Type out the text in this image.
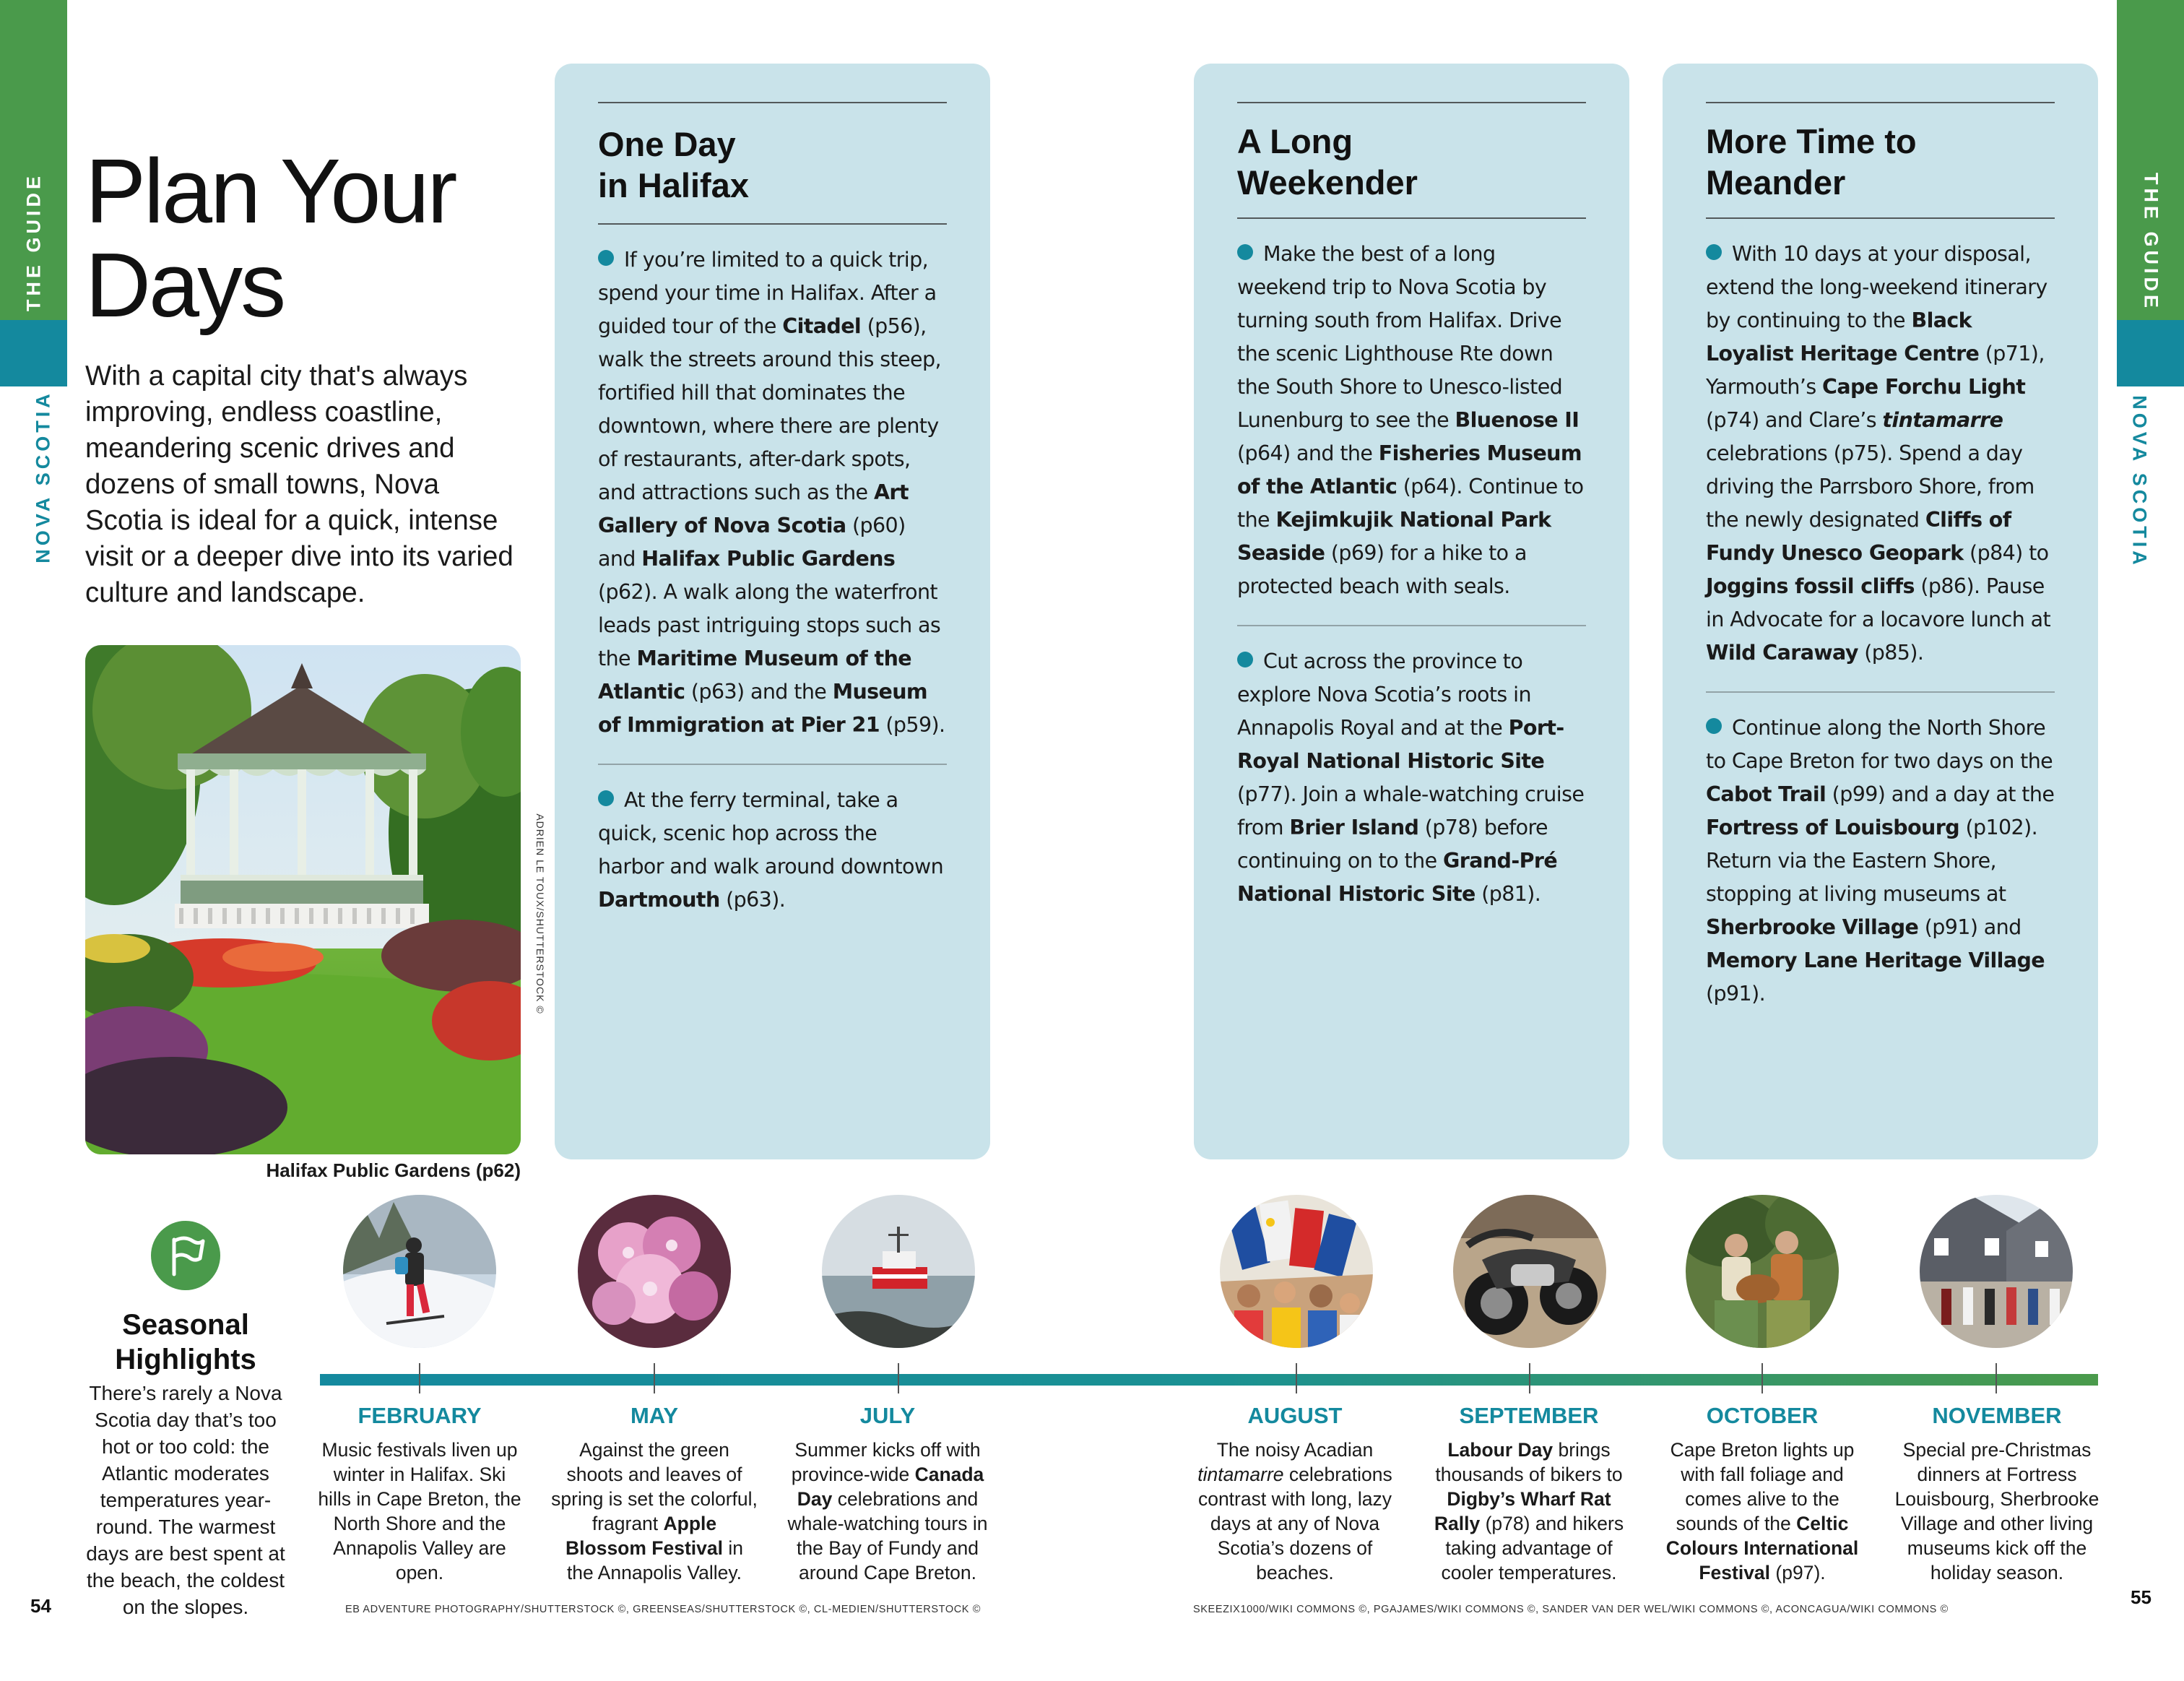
THE GUIDE
NOVA SCOTIA
THE GUIDE
NOVA SCOTIA
Plan Your
Days

With a capital city that's always improving, endless coastline, meandering scenic drives and dozens of small towns, Nova Scotia is ideal for a quick, intense visit or a deeper dive into its varied culture and landscape.

ADRIEN LE TOUX/SHUTTERSTOCK ©
Halifax Public Gardens (p62)
One Day
in Halifax
If you’re limited to a quick trip, spend your time in Halifax. After a guided tour of the Citadel (p56), walk the streets around this steep, fortified hill that dominates the downtown, where there are plenty of restaurants, after-dark spots, and attractions such as the Art Gallery of Nova Scotia (p60) and Halifax Public Gardens (p62). A walk along the waterfront leads past intriguing stops such as the Maritime Museum of the Atlantic (p63) and the Museum of Immigration at Pier 21 (p59).
At the ferry terminal, take a quick, scenic hop across the harbor and walk around downtown Dartmouth (p63).
A Long
Weekender
Make the best of a long weekend trip to Nova Scotia by turning south from Halifax. Drive the scenic Lighthouse Rte down the South Shore to Unesco-listed Lunenburg to see the Bluenose II (p64) and the Fisheries Museum of the Atlantic (p64). Continue to the Kejimkujik National Park Seaside (p69) for a hike to a protected beach with seals.
Cut across the province to explore Nova Scotia’s roots in Annapolis Royal and at the Port-Royal National Historic Site (p77). Join a whale-watching cruise from Brier Island (p78) before continuing on to the Grand-Pré National Historic Site (p81).
More Time to
Meander
With 10 days at your disposal, extend the long-weekend itinerary by continuing to the Black Loyalist Heritage Centre (p71), Yarmouth’s Cape Forchu Light (p74) and Clare’s tintamarre celebrations (p75). Spend a day driving the Parrsboro Shore, from the newly designated Cliffs of Fundy Unesco Geopark (p84) to Joggins fossil cliffs (p86). Pause in Advocate for a locavore lunch at Wild Caraway (p85).
Continue along the North Shore to Cape Breton for two days on the Cabot Trail (p99) and a day at the Fortress of Louisbourg (p102). Return via the Eastern Shore, stopping at living museums at Sherbrooke Village (p91) and Memory Lane Heritage Village (p91).
Seasonal
Highlights

There’s rarely a Nova Scotia day that’s too hot or too cold: the Atlantic moderates temperatures year-round. The warmest days are best spent at the beach, the coldest on the slopes.

FEBRUARY
Music festivals liven up winter in Halifax. Ski hills in Cape Breton, the North Shore and the Annapolis Valley are open.
MAY
Against the green shoots and leaves of spring is set the colorful, fragrant Apple Blossom Festival in the Annapolis Valley.
JULY
Summer kicks off with province-wide Canada Day celebrations and whale-watching tours in the Bay of Fundy and around Cape Breton.
AUGUST
The noisy Acadian tintamarre celebrations contrast with long, lazy days at any of Nova Scotia’s dozens of beaches.
SEPTEMBER
Labour Day brings thousands of bikers to Digby’s Wharf Rat Rally (p78) and hikers taking advantage of cooler temperatures.
OCTOBER
Cape Breton lights up with fall foliage and comes alive to the sounds of the Celtic Colours International Festival (p97).
NOVEMBER
Special pre-Christmas dinners at Fortress Louisbourg, Sherbrooke Village and other living museums kick off the holiday season.
54	55
EB ADVENTURE PHOTOGRAPHY/SHUTTERSTOCK ©, GREENSEAS/SHUTTERSTOCK ©, CL-MEDIEN/SHUTTERSTOCK ©	SKEEZIX1000/WIKI COMMONS ©, PGAJAMES/WIKI COMMONS ©, SANDER VAN DER WEL/WIKI COMMONS ©, ACONCAGUA/WIKI COMMONS ©
